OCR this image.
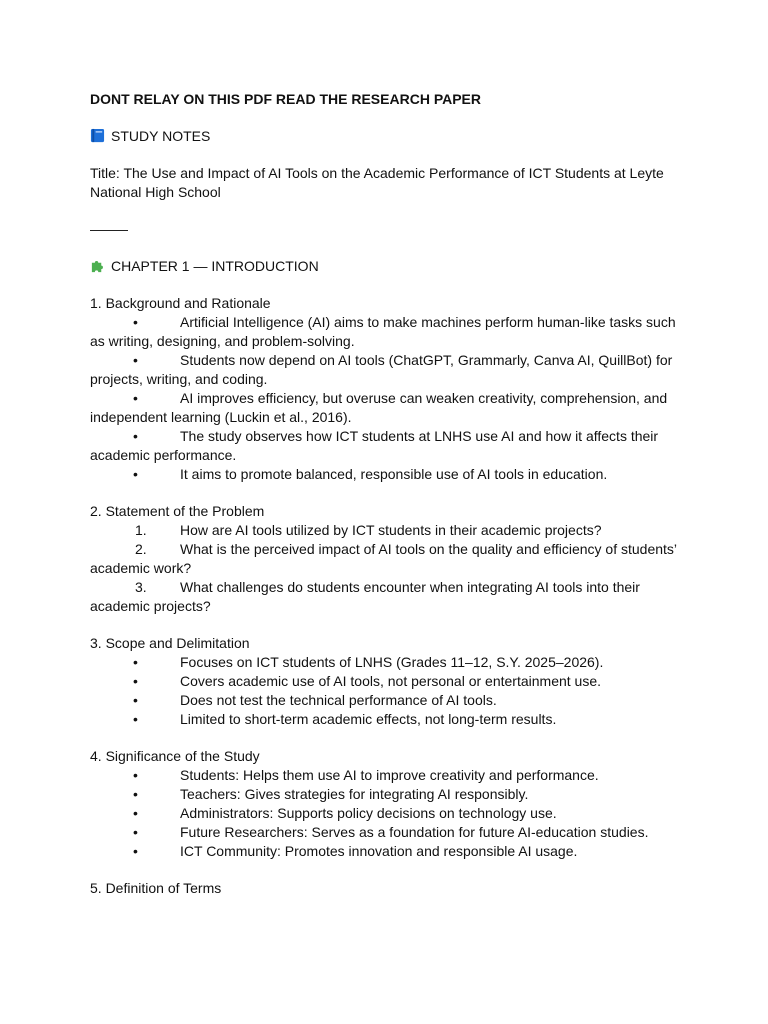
DONT RELAY ON THIS PDF READ THE RESEARCH PAPER
STUDY NOTES
Title: The Use and Impact of AI Tools on the Academic Performance of ICT Students at Leyte National High School
CHAPTER 1 — INTRODUCTION
1. Background and Rationale
•	Artificial Intelligence (AI) aims to make machines perform human-like tasks such as writing, designing, and problem-solving.
•	Students now depend on AI tools (ChatGPT, Grammarly, Canva AI, QuillBot) for projects, writing, and coding.
•	AI improves efficiency, but overuse can weaken creativity, comprehension, and independent learning (Luckin et al., 2016).
•	The study observes how ICT students at LNHS use AI and how it affects their academic performance.
•	It aims to promote balanced, responsible use of AI tools in education.
2. Statement of the Problem
1.	How are AI tools utilized by ICT students in their academic projects?
2.	What is the perceived impact of AI tools on the quality and efficiency of students’ academic work?
3.	What challenges do students encounter when integrating AI tools into their academic projects?
3. Scope and Delimitation
•	Focuses on ICT students of LNHS (Grades 11–12, S.Y. 2025–2026).
•	Covers academic use of AI tools, not personal or entertainment use.
•	Does not test the technical performance of AI tools.
•	Limited to short-term academic effects, not long-term results.
4. Significance of the Study
•	Students: Helps them use AI to improve creativity and performance.
•	Teachers: Gives strategies for integrating AI responsibly.
•	Administrators: Supports policy decisions on technology use.
•	Future Researchers: Serves as a foundation for future AI-education studies.
•	ICT Community: Promotes innovation and responsible AI usage.
5. Definition of Terms
